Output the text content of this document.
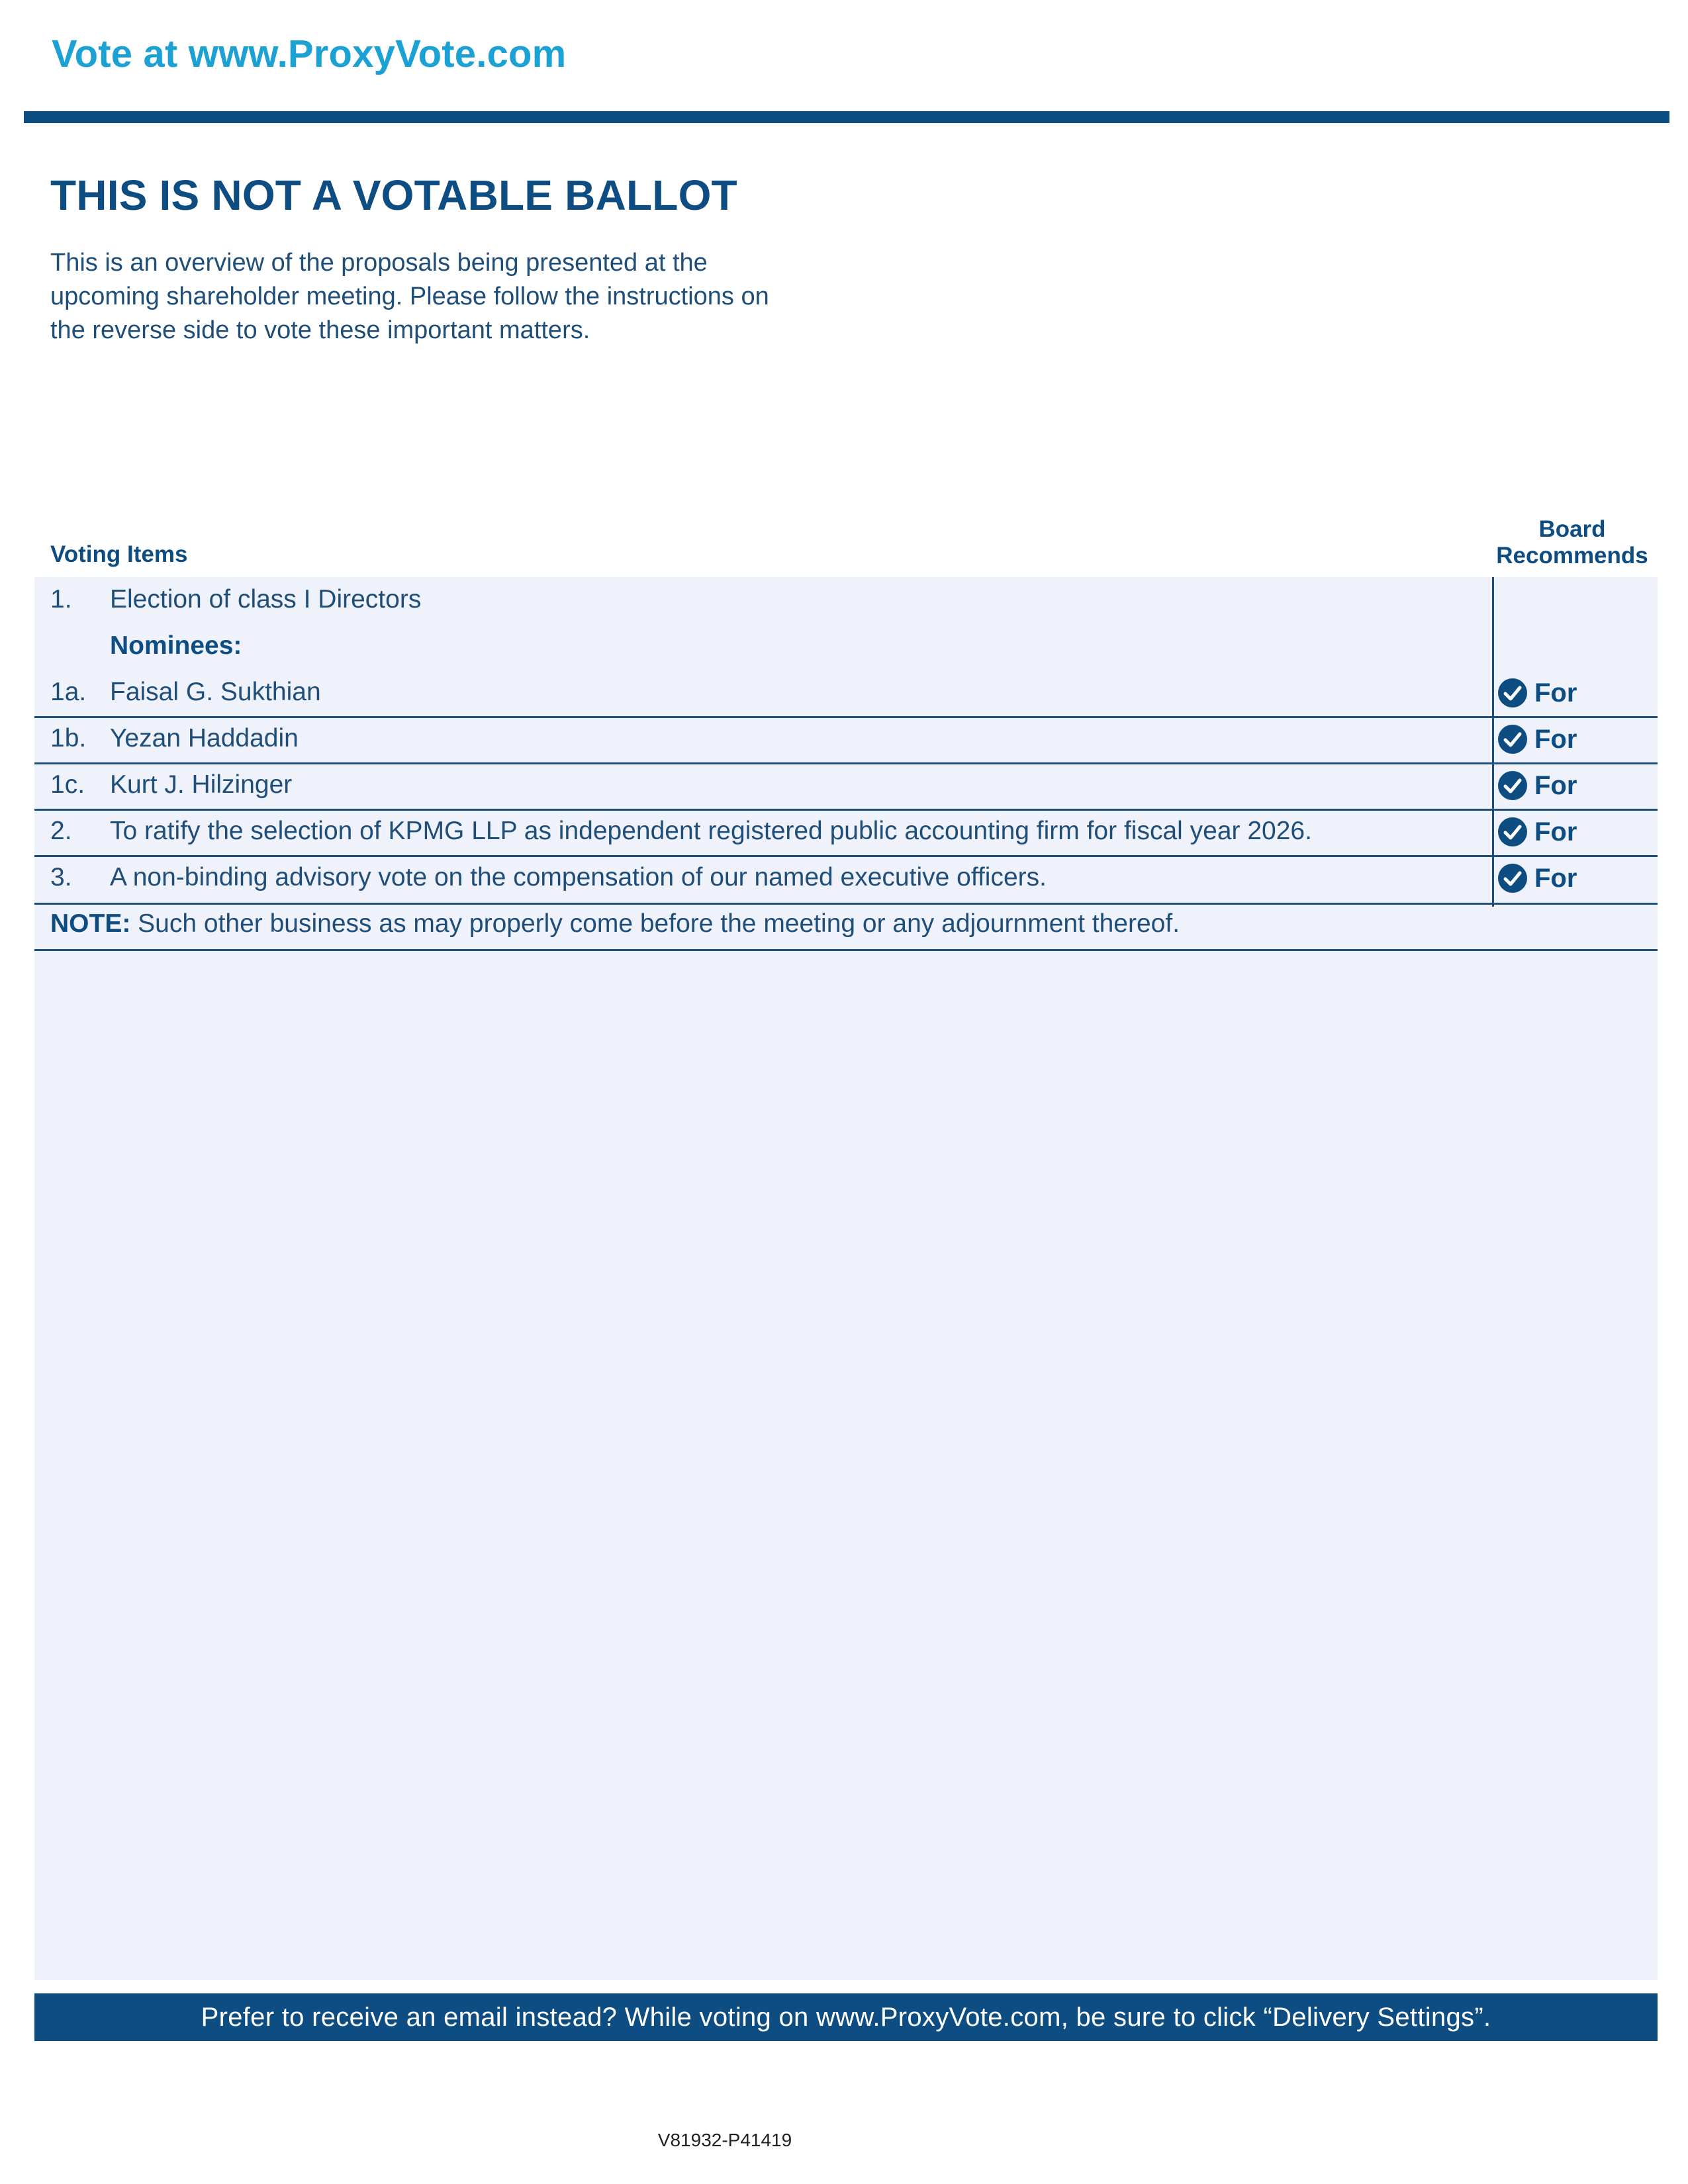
Vote at www.ProxyVote.com
THIS IS NOT A VOTABLE BALLOT
This is an overview of the proposals being presented at the
upcoming shareholder meeting. Please follow the instructions on
the reverse side to vote these important matters.
Voting Items
Board
Recommends
1. Election of class I Directors
Nominees:
1a. Faisal G. Sukthian	For
1b. Yezan Haddadin	For
1c. Kurt J. Hilzinger	For
2. To ratify the selection of KPMG LLP as independent registered public accounting firm for fiscal year 2026.	For
3. A non-binding advisory vote on the compensation of our named executive officers.	For
NOTE: Such other business as may properly come before the meeting or any adjournment thereof.
Prefer to receive an email instead? While voting on www.ProxyVote.com, be sure to click “Delivery Settings”.
V81932-P41419
